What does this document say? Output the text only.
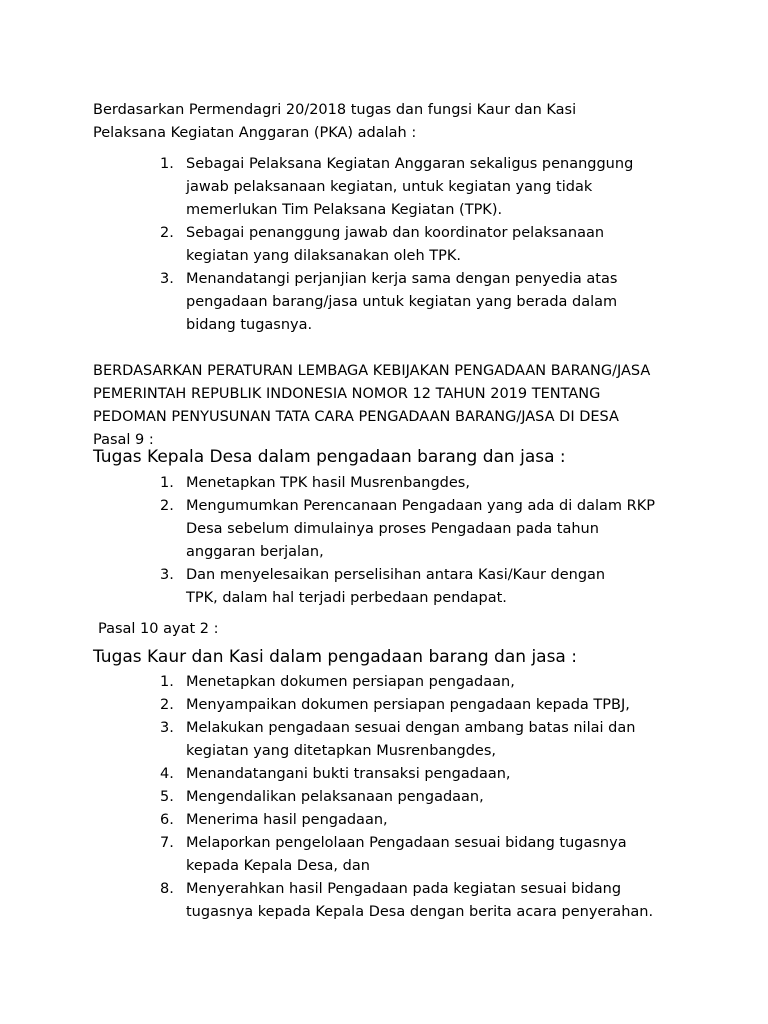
Berdasarkan Permendagri 20/2018 tugas dan fungsi Kaur dan Kasi
Pelaksana Kegiatan Anggaran (PKA) adalah :

1. Sebagai Pelaksana Kegiatan Anggaran sekaligus penanggung
jawab pelaksanaan kegiatan, untuk kegiatan yang tidak
memerlukan Tim Pelaksana Kegiatan (TPK).
2. Sebagai penanggung jawab dan koordinator pelaksanaan
kegiatan yang dilaksanakan oleh TPK.
3. Menandatangi perjanjian kerja sama dengan penyedia atas
pengadaan barang/jasa untuk kegiatan yang berada dalam
bidang tugasnya.

BERDASARKAN PERATURAN LEMBAGA KEBIJAKAN PENGADAAN BARANG/JASA
PEMERINTAH REPUBLIK INDONESIA NOMOR 12 TAHUN 2019 TENTANG
PEDOMAN PENYUSUNAN TATA CARA PENGADAAN BARANG/JASA DI DESA

Pasal 9 :

Tugas Kepala Desa dalam pengadaan barang dan jasa :

1. Menetapkan TPK hasil Musrenbangdes,
2. Mengumumkan Perencanaan Pengadaan yang ada di dalam RKP
Desa sebelum dimulainya proses Pengadaan pada tahun
anggaran berjalan,
3. Dan menyelesaikan perselisihan antara Kasi/Kaur dengan
TPK, dalam hal terjadi perbedaan pendapat.

Pasal 10 ayat 2 :

Tugas Kaur dan Kasi dalam pengadaan barang dan jasa :

1. Menetapkan dokumen persiapan pengadaan,
2. Menyampaikan dokumen persiapan pengadaan kepada TPBJ,
3. Melakukan pengadaan sesuai dengan ambang batas nilai dan
kegiatan yang ditetapkan Musrenbangdes,
4. Menandatangani bukti transaksi pengadaan,
5. Mengendalikan pelaksanaan pengadaan,
6. Menerima hasil pengadaan,
7. Melaporkan pengelolaan Pengadaan sesuai bidang tugasnya
kepada Kepala Desa, dan
8. Menyerahkan hasil Pengadaan pada kegiatan sesuai bidang
tugasnya kepada Kepala Desa dengan berita acara penyerahan.
